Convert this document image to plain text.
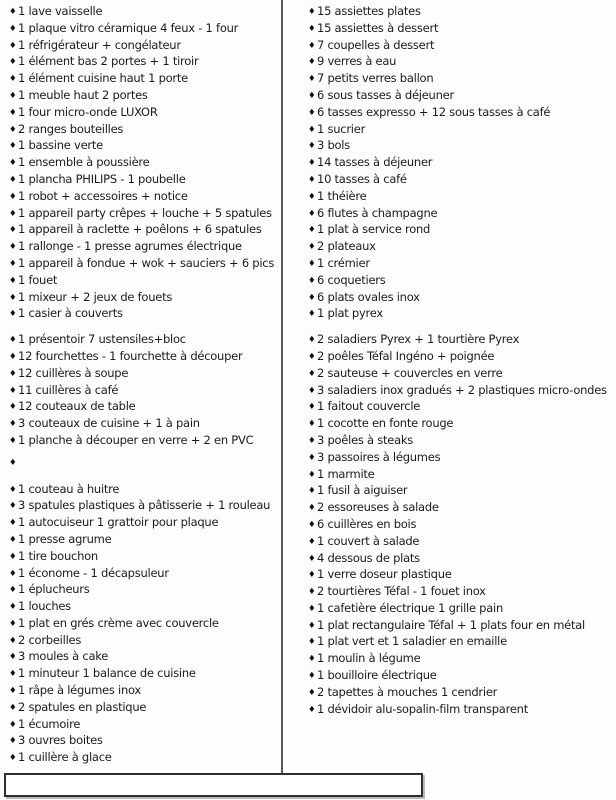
♦ 1 lave vaisselle
♦ 1 plaque vitro céramique 4 feux - 1 four
♦ 1 réfrigérateur + congélateur
♦ 1 élément bas 2 portes + 1 tiroir
♦ 1 élément cuisine haut 1 porte
♦ 1 meuble haut 2 portes
♦ 1 four micro-onde LUXOR
♦ 2 ranges bouteilles
♦ 1 bassine verte
♦ 1 ensemble à poussière
♦ 1 plancha PHILIPS - 1 poubelle
♦ 1 robot + accessoires + notice
♦ 1 appareil party crêpes + louche + 5 spatules
♦ 1 appareil à raclette + poêlons + 6 spatules
♦ 1 rallonge - 1 presse agrumes électrique
♦ 1 appareil à fondue + wok + sauciers + 6 pics
♦ 1 fouet
♦ 1 mixeur + 2 jeux de fouets
♦ 1 casier à couverts
♦ 1 présentoir 7 ustensiles+bloc
♦ 12 fourchettes - 1 fourchette à découper
♦ 12 cuillères à soupe
♦ 11 cuillères à café
♦ 12 couteaux de table
♦ 3 couteaux de cuisine + 1 à pain
♦ 1 planche à découper en verre + 2 en PVC
♦
♦ 1 couteau à huitre
♦ 3 spatules plastiques à pâtisserie + 1 rouleau
♦ 1 autocuiseur 1 grattoir pour plaque
♦ 1 presse agrume
♦ 1 tire bouchon
♦ 1 économe - 1 décapsuleur
♦ 1 éplucheurs
♦ 1 louches
♦ 1 plat en grés crème avec couvercle
♦ 2 corbeilles
♦ 3 moules à cake
♦ 1 minuteur 1 balance de cuisine
♦ 1 râpe à légumes inox
♦ 2 spatules en plastique
♦ 1 écumoire
♦ 3 ouvres boites
♦ 1 cuillère à glace
♦ 15 assiettes plates
♦ 15 assiettes à dessert
♦ 7 coupelles à dessert
♦ 9 verres à eau
♦ 7 petits verres ballon
♦ 6 sous tasses à déjeuner
♦ 6 tasses expresso + 12 sous tasses à café
♦ 1 sucrier
♦ 3 bols
♦ 14 tasses à déjeuner
♦ 10 tasses à café
♦ 1 théière
♦ 6 flutes à champagne
♦ 1 plat à service rond
♦ 2 plateaux
♦ 1 crémier
♦ 6 coquetiers
♦ 6 plats ovales inox
♦ 1 plat pyrex
♦ 2 saladiers Pyrex + 1 tourtière Pyrex
♦ 2 poêles Téfal Ingéno + poignée
♦ 2 sauteuse + couvercles en verre
♦ 3 saladiers inox gradués + 2 plastiques micro-ondes
♦ 1 faitout couvercle
♦ 1 cocotte en fonte rouge
♦ 3 poêles à steaks
♦ 3 passoires à légumes
♦ 1 marmite
♦ 1 fusil à aiguiser
♦ 2 essoreuses à salade
♦ 6 cuillères en bois
♦ 1 couvert à salade
♦ 4 dessous de plats
♦ 1 verre doseur plastique
♦ 2 tourtières Téfal - 1 fouet inox
♦ 1 cafetière électrique 1 grille pain
♦ 1 plat rectangulaire Téfal + 1 plats four en métal
♦ 1 plat vert et 1 saladier en emaille
♦ 1 moulin à légume
♦ 1 bouilloire électrique
♦ 2 tapettes à mouches 1 cendrier
♦ 1 dévidoir alu-sopalin-film transparent
